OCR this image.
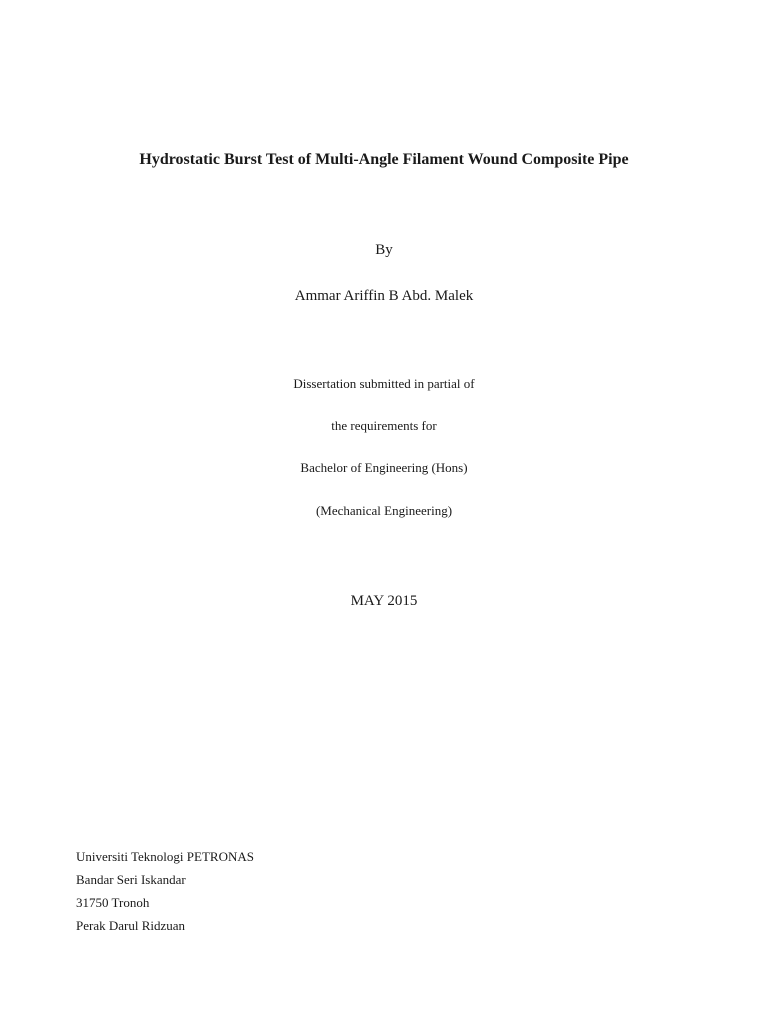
Hydrostatic Burst Test of Multi-Angle Filament Wound Composite Pipe
By
Ammar Ariffin B Abd. Malek
Dissertation submitted in partial of
the requirements for
Bachelor of Engineering (Hons)
(Mechanical Engineering)
MAY 2015
Universiti Teknologi PETRONAS
Bandar Seri Iskandar
31750 Tronoh
Perak Darul Ridzuan
